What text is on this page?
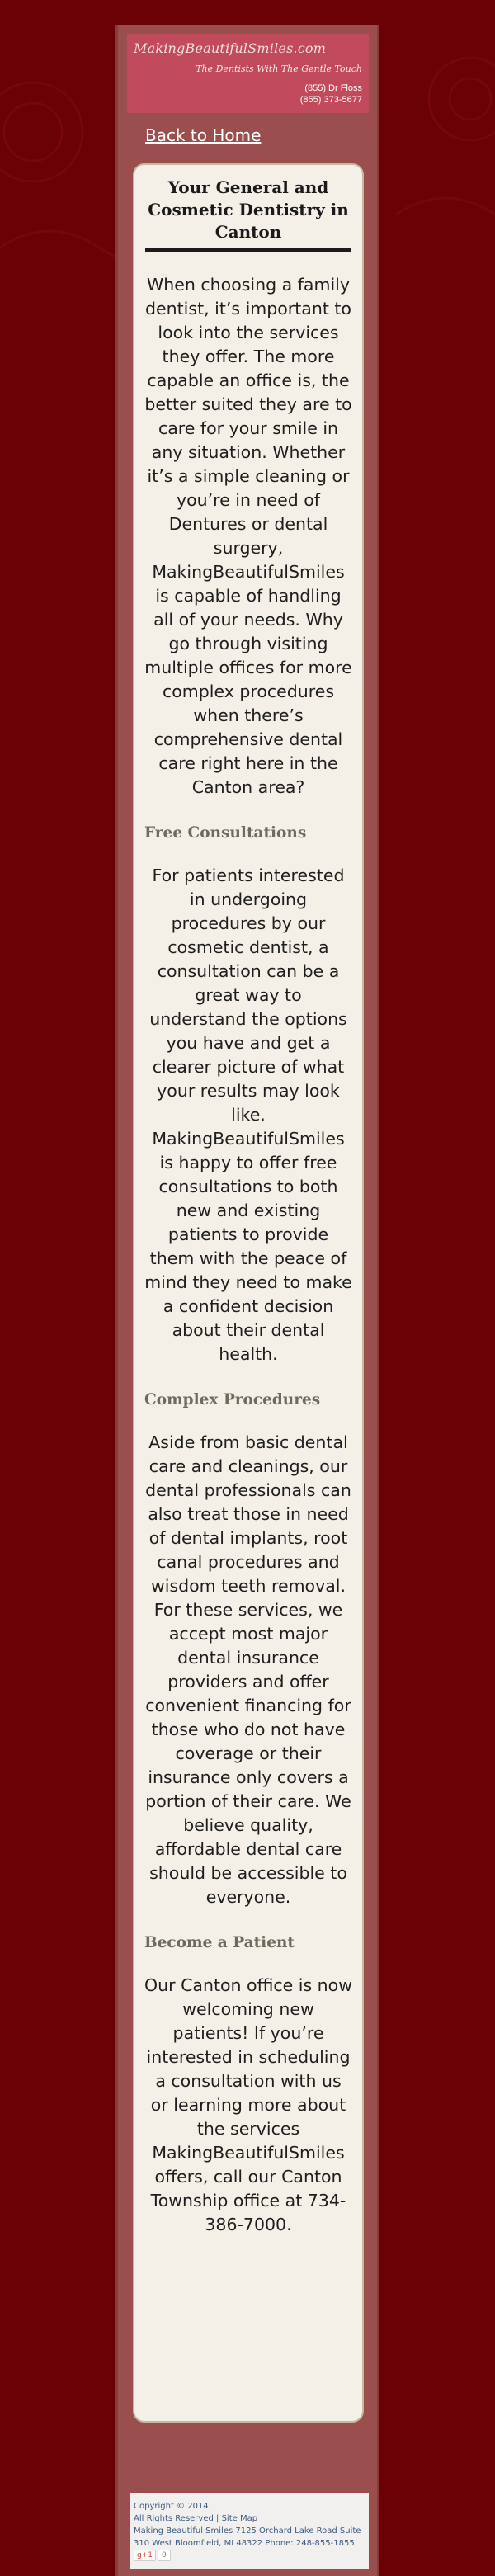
MakingBeautifulSmiles.com
The Dentists With The Gentle Touch
(855) Dr Floss
(855) 373-5677
Back to Home
Your General and Cosmetic Dentistry in Canton

When choosing a family dentist, it’s important to look into the services they offer. The more capable an office is, the better suited they are to care for your smile in any situation. Whether it’s a simple cleaning or you’re in need of Dentures or dental surgery, MakingBeautifulSmiles is capable of handling all of your needs. Why go through visiting multiple offices for more complex procedures when there’s comprehensive dental care right here in the Canton area?

Free Consultations

For patients interested in undergoing procedures by our cosmetic dentist, a consultation can be a great way to understand the options you have and get a clearer picture of what your results may look like. MakingBeautifulSmiles is happy to offer free consultations to both new and existing patients to provide them with the peace of mind they need to make a confident decision about their dental health.

Complex Procedures

Aside from basic dental care and cleanings, our dental professionals can also treat those in need of dental implants, root canal procedures and wisdom teeth removal. For these services, we accept most major dental insurance providers and offer convenient financing for those who do not have coverage or their insurance only covers a portion of their care. We believe quality, affordable dental care should be accessible to everyone.

Become a Patient

Our Canton office is now welcoming new patients! If you’re interested in scheduling a consultation with us or learning more about the services MakingBeautifulSmiles offers, call our Canton Township office at 734-386-7000.

Copyright © 2014
All Rights Reserved | Site Map
Making Beautiful Smiles 7125 Orchard Lake Road Suite 310 West Bloomfield, MI 48322 Phone: 248-855-1855 g+1 0
